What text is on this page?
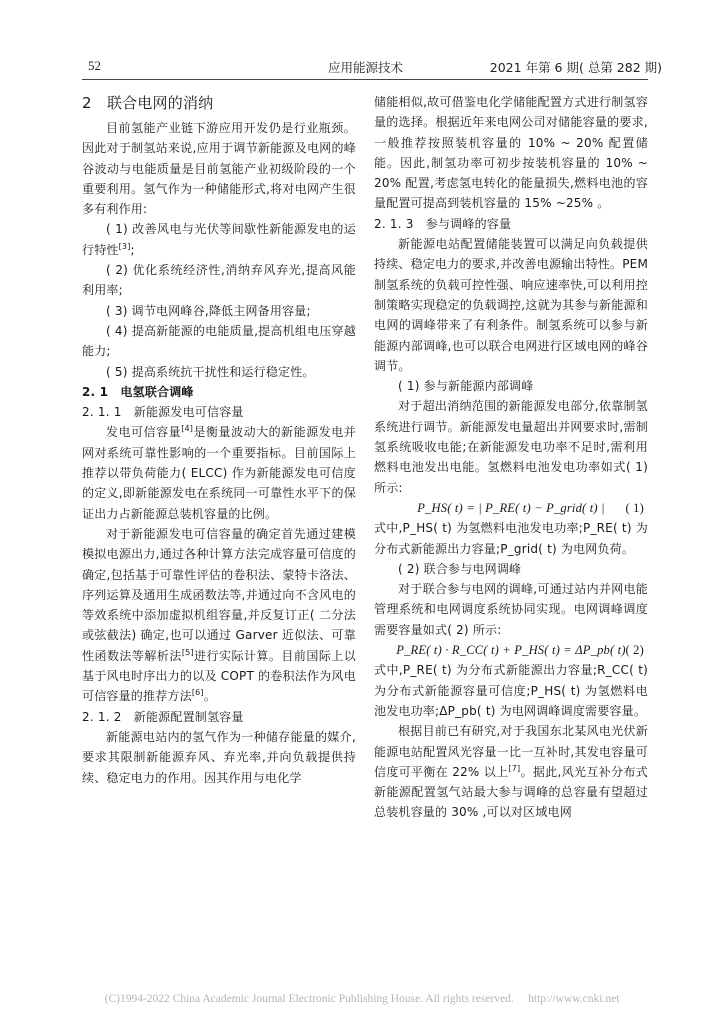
52	应用能源技术	2021 年第 6 期( 总第 282 期)

2　联合电网的消纳

目前氢能产业链下游应用开发仍是行业瓶颈。因此对于制氢站来说,应用于调节新能源及电网的峰谷波动与电能质量是目前氢能产业初级阶段的一个重要利用。氢气作为一种储能形式,将对电网产生很多有利作用:

( 1) 改善风电与光伏等间歇性新能源发电的运行特性[3];

( 2) 优化系统经济性,消纳弃风弃光,提高风能利用率;

( 3) 调节电网峰谷,降低主网备用容量;

( 4) 提高新能源的电能质量,提高机组电压穿越能力;

( 5) 提高系统抗干扰性和运行稳定性。

2. 1　电氢联合调峰

2. 1. 1　新能源发电可信容量

发电可信容量[4]是衡量波动大的新能源发电并网对系统可靠性影响的一个重要指标。目前国际上推荐以带负荷能力( ELCC) 作为新能源发电可信度的定义,即新能源发电在系统同一可靠性水平下的保证出力占新能源总装机容量的比例。

对于新能源发电可信容量的确定首先通过建模模拟电源出力,通过各种计算方法完成容量可信度的确定,包括基于可靠性评估的卷积法、蒙特卡洛法、序列运算及通用生成函数法等,并通过向不含风电的等效系统中添加虚拟机组容量,并反复订正( 二分法或弦截法) 确定,也可以通过 Garver 近似法、可靠性函数法等解析法[5]进行实际计算。目前国际上以基于风电时序出力的以及 COPT 的卷积法作为风电可信容量的推荐方法[6]。

2. 1. 2　新能源配置制氢容量

新能源电站内的氢气作为一种储存能量的媒介,要求其限制新能源弃风、弃光率,并向负载提供持续、稳定电力的作用。因其作用与电化学

储能相似,故可借鉴电化学储能配置方式进行制氢容量的选择。根据近年来电网公司对储能容量的要求,一般推荐按照装机容量的 10% ~ 20% 配置储能。因此,制氢功率可初步按装机容量的 10% ~ 20% 配置,考虑氢电转化的能量损失,燃料电池的容量配置可提高到装机容量的 15% ~25% 。

2. 1. 3　参与调峰的容量

新能源电站配置储能装置可以满足向负载提供持续、稳定电力的要求,并改善电源输出特性。PEM 制氢系统的负载可控性强、响应速率快,可以利用控制策略实现稳定的负载调控,这就为其参与新能源和电网的调峰带来了有利条件。制氢系统可以参与新能源内部调峰,也可以联合电网进行区域电网的峰谷调节。

( 1) 参与新能源内部调峰

对于超出消纳范围的新能源发电部分,依靠制氢系统进行调节。新能源发电量超出并网要求时,需制氢系统吸收电能;在新能源发电功率不足时,需利用燃料电池发出电能。氢燃料电池发电功率如式( 1) 所示:

P_HS( t) = | P_RE( t) − P_grid( t) | ( 1)

式中,P_HS( t) 为氢燃料电池发电功率;P_RE( t) 为分布式新能源出力容量;P_grid( t) 为电网负荷。

( 2) 联合参与电网调峰

对于联合参与电网的调峰,可通过站内并网电能管理系统和电网调度系统协同实现。电网调峰调度需要容量如式( 2) 所示:

P_RE( t) · R_CC( t) + P_HS( t) = ΔP_pb( t) ( 2)

式中,P_RE( t) 为分布式新能源出力容量;R_CC( t) 为分布式新能源容量可信度;P_HS( t) 为氢燃料电池发电功率;ΔP_pb( t) 为电网调峰调度需要容量。

根据目前已有研究,对于我国东北某风电光伏新能源电站配置风光容量一比一互补时,其发电容量可信度可平衡在 22% 以上[7]。据此,风光互补分布式新能源配置氢气站最大参与调峰的总容量有望超过总装机容量的 30% ,可以对区域电网

(C)1994-2022 China Academic Journal Electronic Publishing House. All rights reserved.　 http://www.cnki.net
